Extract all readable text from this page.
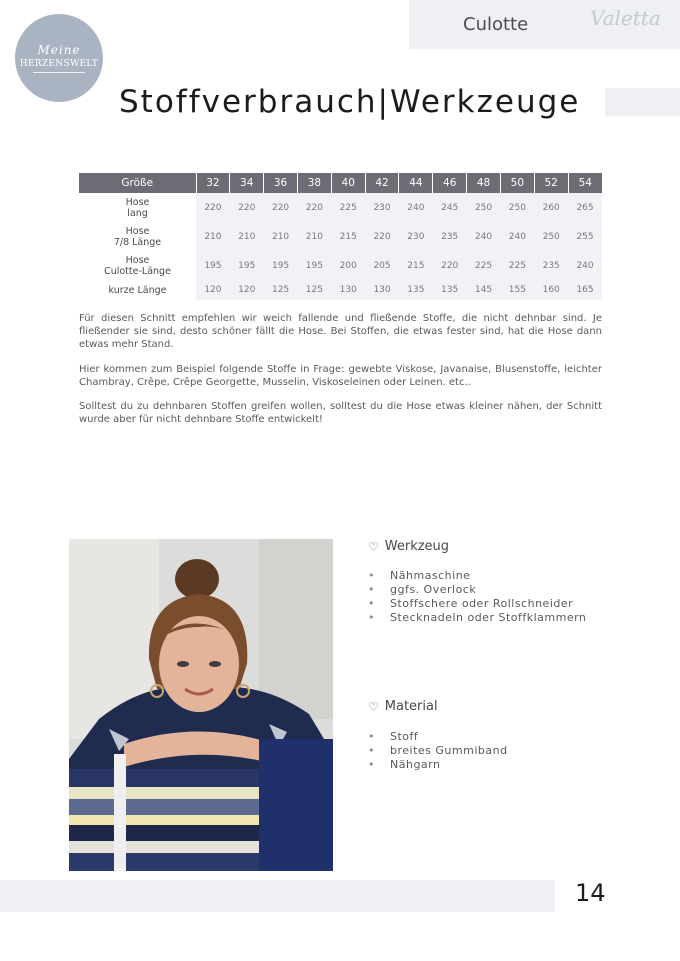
Meine
HERZENSWELT
Culotte	Valetta
Stoffverbrauch|Werkzeuge
Größe	32	34	36	38	40	42	44	46	48	50	52	54
Hose
lang	220	220	220	220	225	230	240	245	250	250	260	265
Hose
7/8 Länge	210	210	210	210	215	220	230	235	240	240	250	255
Hose
Culotte-Länge	195	195	195	195	200	205	215	220	225	225	235	240
kurze Länge	120	120	125	125	130	130	135	135	145	155	160	165

Für diesen Schnitt empfehlen wir weich fallende und fließende Stoffe, die nicht dehnbar sind. Je fließender sie sind, desto schöner fällt die Hose. Bei Stoffen, die etwas fester sind, hat die Hose dann etwas mehr Stand.

Hier kommen zum Beispiel folgende Stoffe in Frage: gewebte Viskose, Javanaise, Blusenstoffe, leichter Chambray, Crêpe, Crêpe Georgette, Musselin, Viskoseleinen oder Leinen. etc..

Solltest du zu dehnbaren Stoffen greifen wollen, solltest du die Hose etwas kleiner nähen, der Schnitt wurde aber für nicht dehnbare Stoffe entwickelt!

♡ Werkzeug
•	Nähmaschine
•	ggfs. Overlock
•	Stoffschere oder Rollschneider
•	Stecknadeln oder Stoffklammern
♡ Material
•	Stoff
•	breites Gummiband
•	Nähgarn
14
